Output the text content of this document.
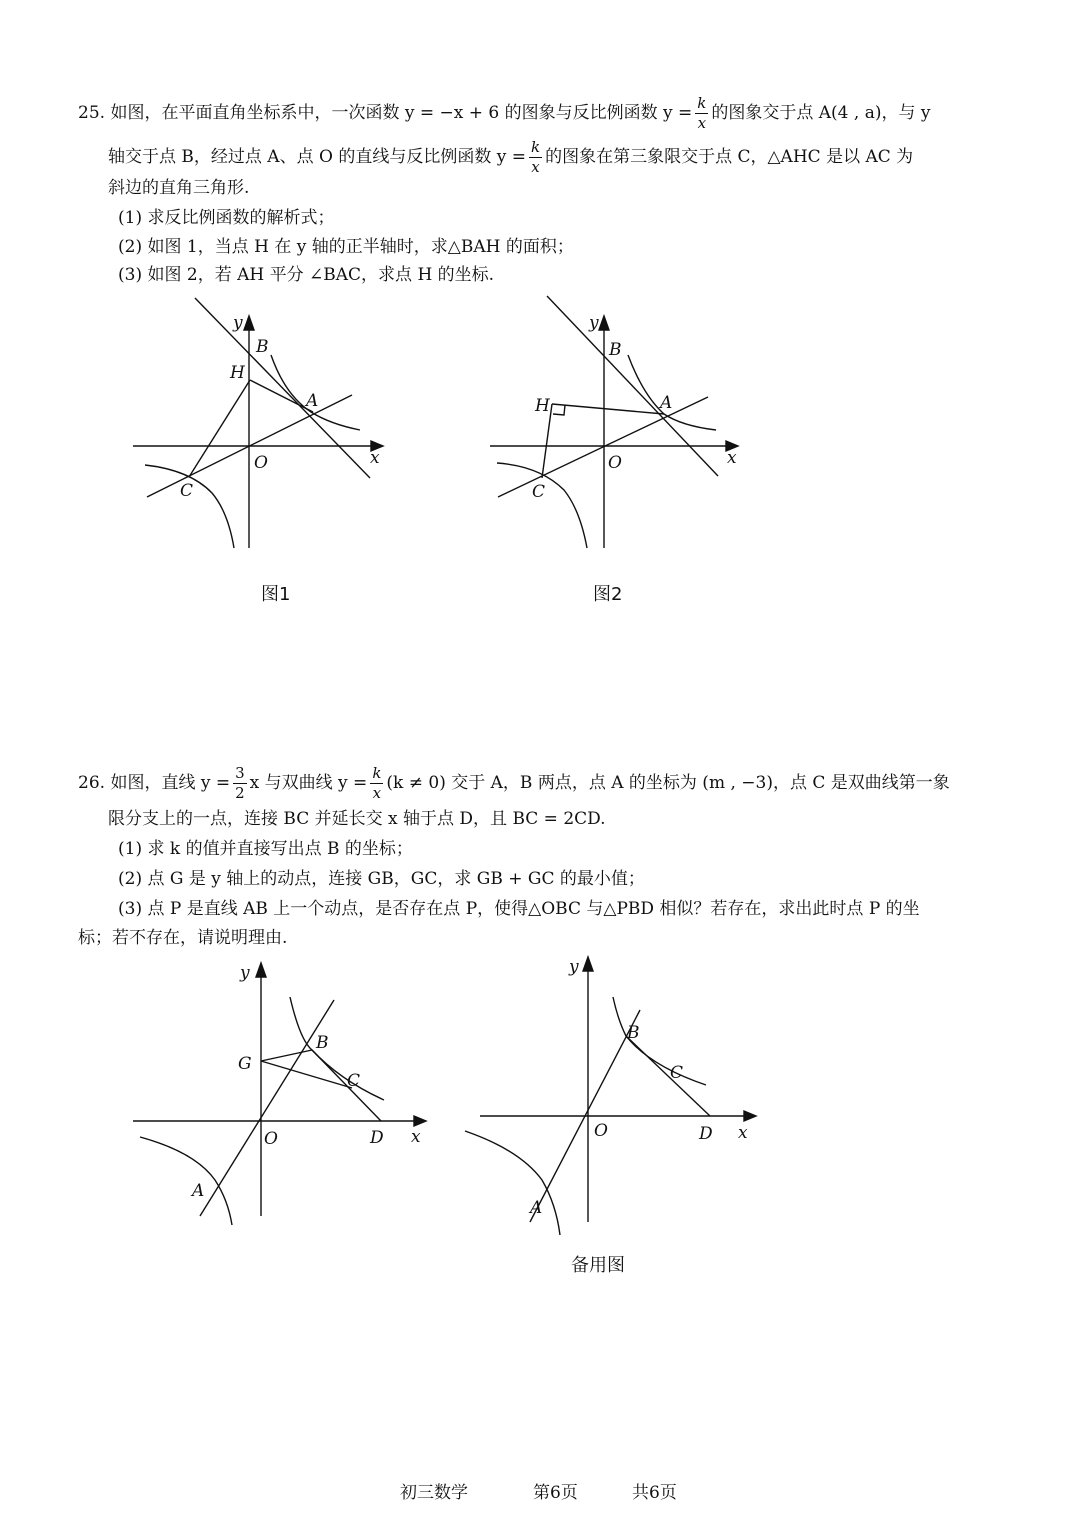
25. 如图，在平面直角坐标系中，一次函数 y = −x + 6 的图象与反比例函数 $y = \frac{k}{x}$ 的图象交于点 A(4 , a)，与 y
轴交于点 B，经过点 A、点 O 的直线与反比例函数 $y = \frac{k}{x}$ 的图象在第三象限交于点 C，△AHC 是以 AC 为
斜边的直角三角形.
(1) 求反比例函数的解析式；
(2) 如图 1，当点 H 在 y 轴的正半轴时，求△BAH 的面积；
(3) 如图 2，若 AH 平分 ∠BAC，求点 H 的坐标.
y
B
H
A
O	x
C
y
B
H	A
O	x
C
图1	图2
26. 如图，直线 $y = \frac{3}{2}$ x 与双曲线 $y = \frac{k}{x} (k \ne 0)$ 交于 A，B 两点，点 A 的坐标为 (m , −3)，点 C 是双曲线第一象
限分支上的一点，连接 BC 并延长交 x 轴于点 D，且 BC = 2CD.
(1) 求 k 的值并直接写出点 B 的坐标；
(2) 点 G 是 y 轴上的动点，连接 GB，GC，求 GB + GC 的最小值；
(3) 点 P 是直线 AB 上一个动点，是否存在点 P，使得△OBC 与△PBD 相似？若存在，求出此时点 P 的坐
标；若不存在，请说明理由.
y
B
G
C
O	D x
A
y
B
C
O	D x
A
备用图
初三数学	第6页	共6页
